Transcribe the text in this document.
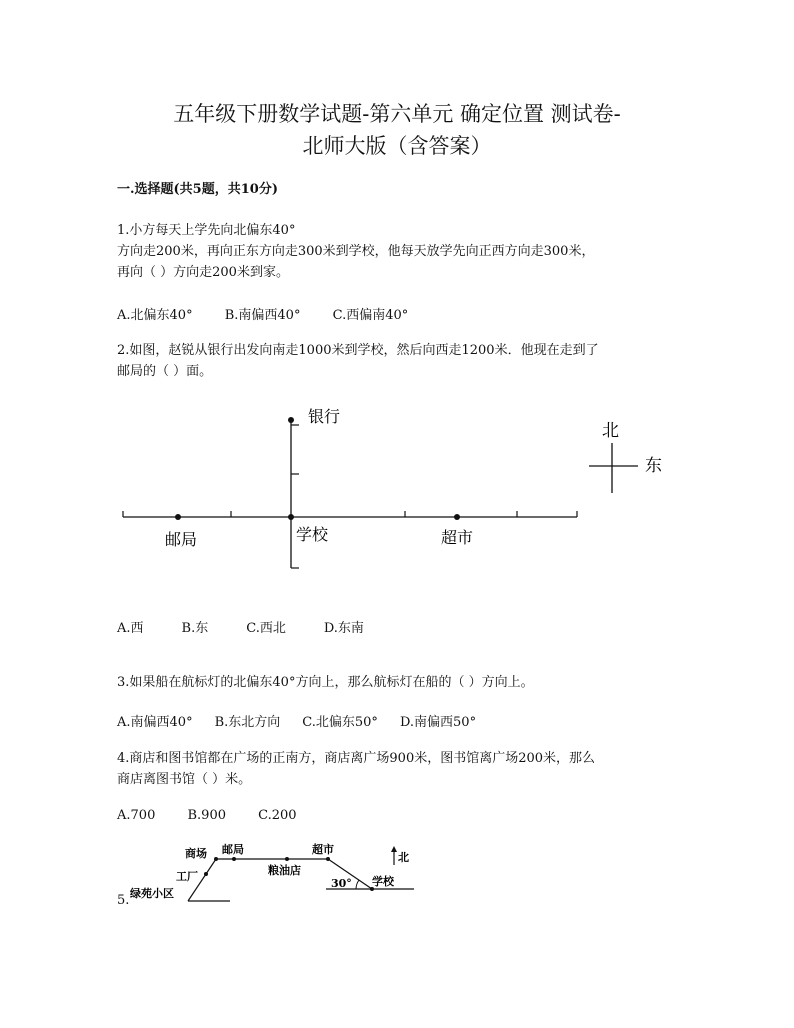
五年级下册数学试题-第六单元 确定位置 测试卷-
北师大版（含答案）
一.选择题(共5题，共10分)
1.小方每天上学先向北偏东40°
方向走200米，再向正东方向走300米到学校，他每天放学先向正西方向走300米，
再向（ ）方向走200米到家。
A.北偏东40° B.南偏西40° C.西偏南40°
2.如图，赵锐从银行出发向南走1000米到学校，然后向西走1200米．他现在走到了
邮局的（ ）面。
银行
学校
邮局	超市
北
东
商场 邮局
工厂	粮油店
超市
学校
绿苑小区
30°
北
A.西	B.东	C.西北	D.东南
3.如果船在航标灯的北偏东40°方向上，那么航标灯在船的（ ）方向上。
A.南偏西40° B.东北方向 C.北偏东50° D.南偏西50°
4.商店和图书馆都在广场的正南方，商店离广场900米，图书馆离广场200米，那么
商店离图书馆（ ）米。
A.700 B.900 C.200
5.
